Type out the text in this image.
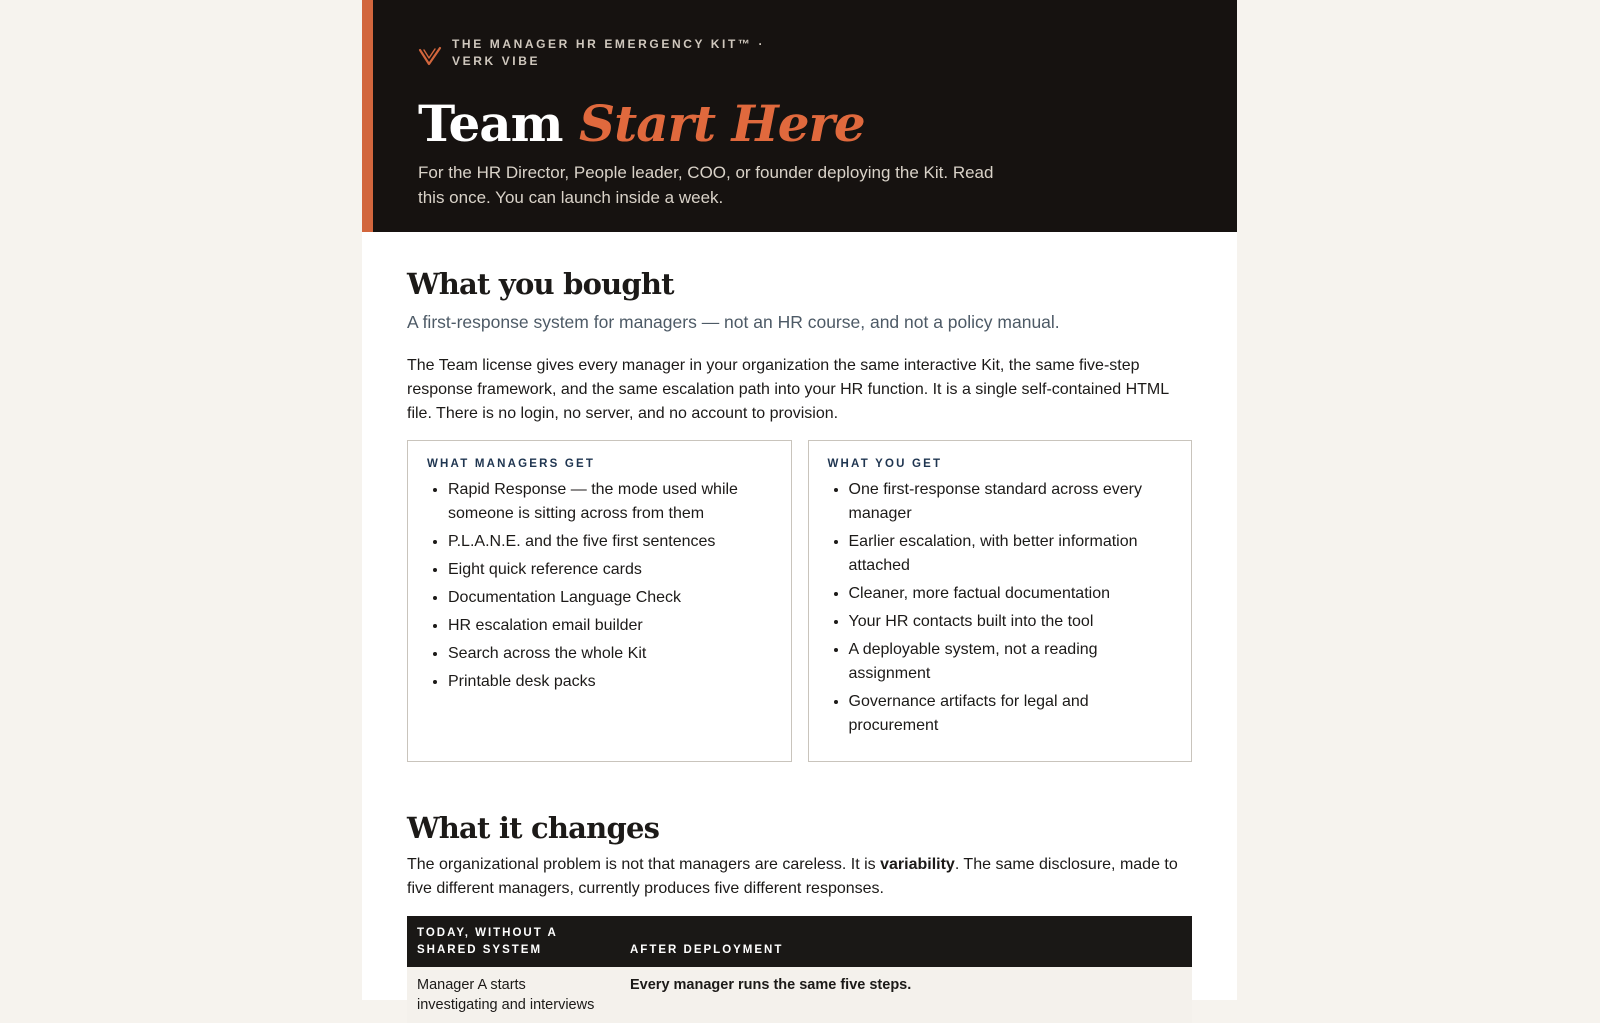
THE MANAGER HR EMERGENCY KIT™ · VERK VIBE
Team Start Here

For the HR Director, People leader, COO, or founder deploying the Kit. Read this once. You can launch inside a week.

What you bought

A first-response system for managers — not an HR course, and not a policy manual.

The Team license gives every manager in your organization the same interactive Kit, the same five-step response framework, and the same escalation path into your HR function. It is a single self-contained HTML file. There is no login, no server, and no account to provision.

WHAT MANAGERS GET
• Rapid Response — the mode used while someone is sitting across from them
• P.L.A.N.E. and the five first sentences
• Eight quick reference cards
• Documentation Language Check
• HR escalation email builder
• Search across the whole Kit
• Printable desk packs
WHAT YOU GET
• One first-response standard across every manager
• Earlier escalation, with better information attached
• Cleaner, more factual documentation
• Your HR contacts built into the tool
• A deployable system, not a reading assignment
• Governance artifacts for legal and procurement
What it changes

The organizational problem is not that managers are careless. It is variability. The same disclosure, made to five different managers, currently produces five different responses.

TODAY, WITHOUT A SHARED SYSTEM	AFTER DEPLOYMENT
Manager A starts investigating and interviews	Every manager runs the same five steps.
